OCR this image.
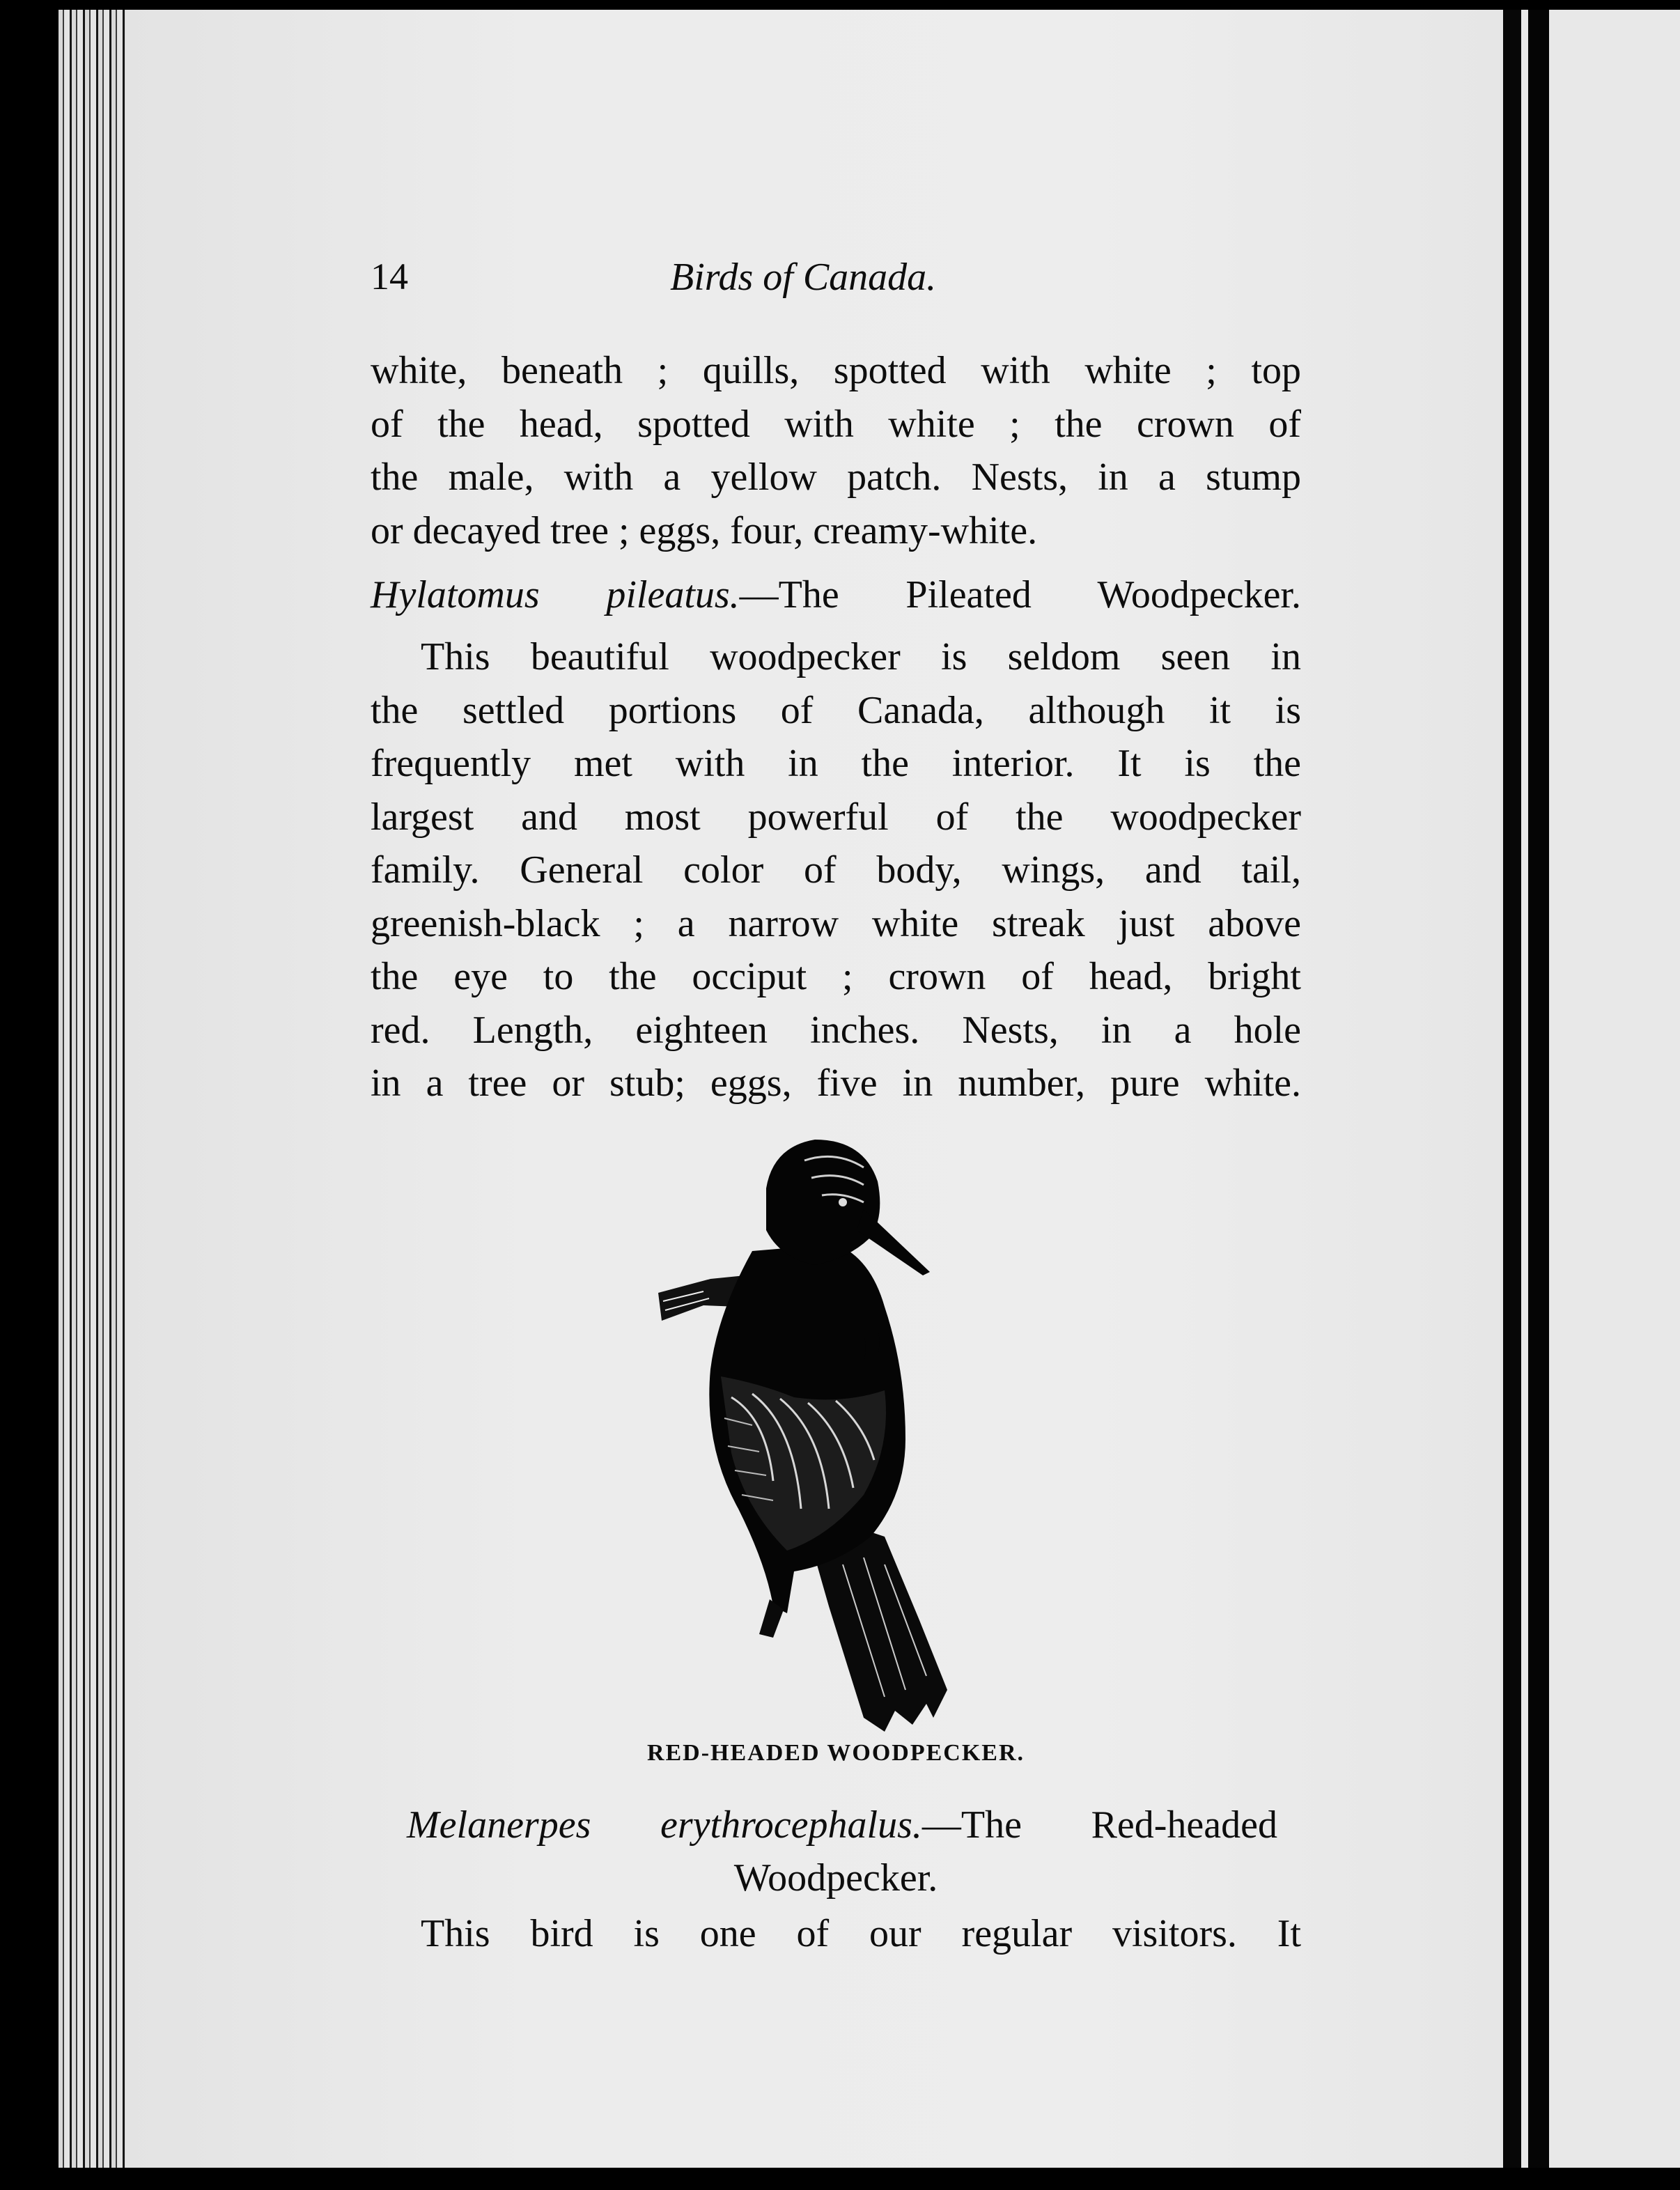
14	Birds of Canada.
white, beneath ; quills, spotted with white ; top
of the head, spotted with white ; the crown of
the male, with a yellow patch. Nests, in a stump
or decayed tree ; eggs, four, creamy-white.
Hylatomus pileatus.—The Pileated Woodpecker.
This beautiful woodpecker is seldom seen in
the settled portions of Canada, although it is
frequently met with in the interior. It is the
largest and most powerful of the woodpecker
family. General color of body, wings, and tail,
greenish-black ; a narrow white streak just above
the eye to the occiput ; crown of head, bright
red. Length, eighteen inches. Nests, in a hole
in a tree or stub; eggs, five in number, pure white.
RED-HEADED WOODPECKER.
Melanerpes erythrocephalus.—The Red-headed
Woodpecker.
This bird is one of our regular visitors. It
